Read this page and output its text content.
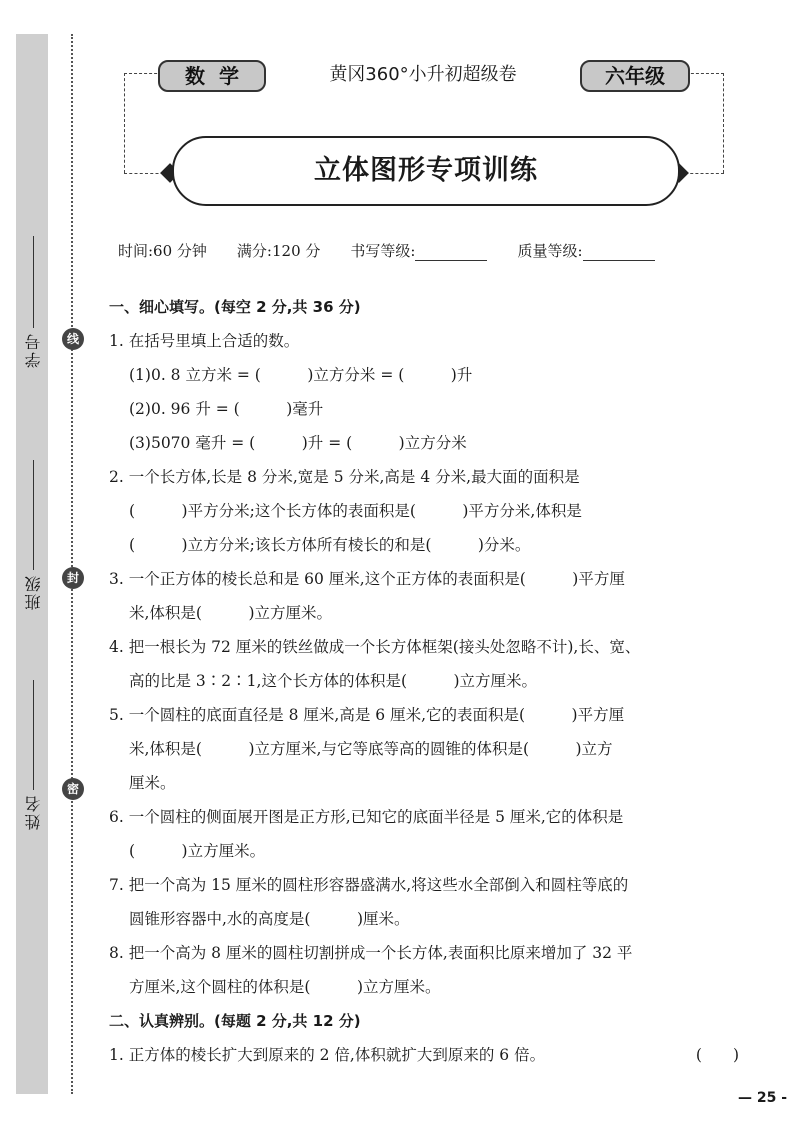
学号
班级
姓名
线
封
密
数学	黄冈360°小升初超级卷	六年级
立体图形专项训练
时间:60 分钟 满分:120 分 书写等级:	质量等级:
一、细心填写。(每空 2 分,共 36 分)
1. 在括号里填上合适的数。
(1)0. 8 立方米 = (　　　)立方分米 = (　　　)升
(2)0. 96 升 = (　　　)毫升
(3)5070 毫升 = (　　　)升 = (　　　)立方分米
2. 一个长方体,长是 8 分米,宽是 5 分米,高是 4 分米,最大面的面积是
(　　　)平方分米;这个长方体的表面积是(　　　)平方分米,体积是
(　　　)立方分米;该长方体所有棱长的和是(　　　)分米。
3. 一个正方体的棱长总和是 60 厘米,这个正方体的表面积是(　　　)平方厘
米,体积是(　　　)立方厘米。
4. 把一根长为 72 厘米的铁丝做成一个长方体框架(接头处忽略不计),长、宽、
高的比是 3∶2∶1,这个长方体的体积是(　　　)立方厘米。
5. 一个圆柱的底面直径是 8 厘米,高是 6 厘米,它的表面积是(　　　)平方厘
米,体积是(　　　)立方厘米,与它等底等高的圆锥的体积是(　　　)立方
厘米。
6. 一个圆柱的侧面展开图是正方形,已知它的底面半径是 5 厘米,它的体积是
(　　　)立方厘米。
7. 把一个高为 15 厘米的圆柱形容器盛满水,将这些水全部倒入和圆柱等底的
圆锥形容器中,水的高度是(　　　)厘米。
8. 把一个高为 8 厘米的圆柱切割拼成一个长方体,表面积比原来增加了 32 平
方厘米,这个圆柱的体积是(　　　)立方厘米。
二、认真辨别。(每题 2 分,共 12 分)
1. 正方体的棱长扩大到原来的 2 倍,体积就扩大到原来的 6 倍。	(　　)
— 25 -
